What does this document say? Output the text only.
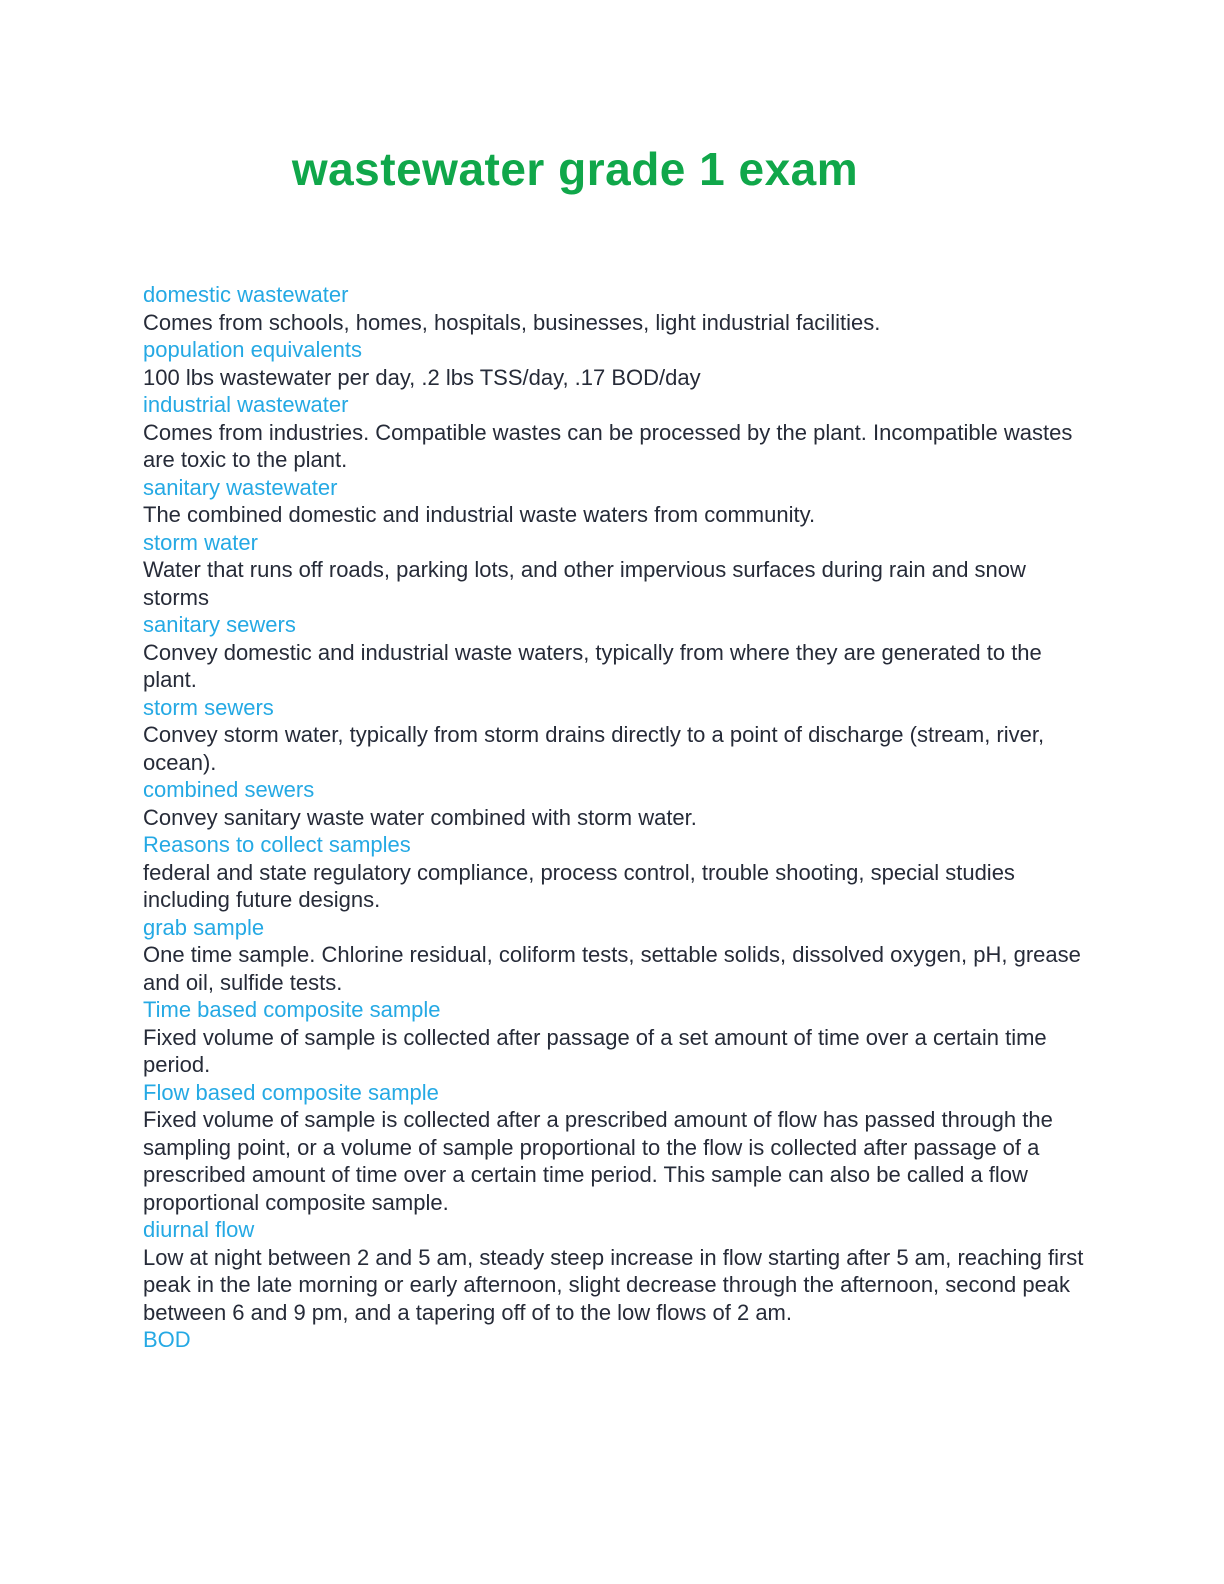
wastewater grade 1 exam
domestic wastewater
Comes from schools, homes, hospitals, businesses, light industrial facilities.
population equivalents
100 lbs wastewater per day, .2 lbs TSS/day, .17 BOD/day
industrial wastewater
Comes from industries. Compatible wastes can be processed by the plant. Incompatible wastes are toxic to the plant.
sanitary wastewater
The combined domestic and industrial waste waters from community.
storm water
Water that runs off roads, parking lots, and other impervious surfaces during rain and snow storms
sanitary sewers
Convey domestic and industrial waste waters, typically from where they are generated to the plant.
storm sewers
Convey storm water, typically from storm drains directly to a point of discharge (stream, river, ocean).
combined sewers
Convey sanitary waste water combined with storm water.
Reasons to collect samples
federal and state regulatory compliance, process control, trouble shooting, special studies including future designs.
grab sample
One time sample. Chlorine residual, coliform tests, settable solids, dissolved oxygen, pH, grease and oil, sulfide tests.
Time based composite sample
Fixed volume of sample is collected after passage of a set amount of time over a certain time period.
Flow based composite sample
Fixed volume of sample is collected after a prescribed amount of flow has passed through the sampling point, or a volume of sample proportional to the flow is collected after passage of a prescribed amount of time over a certain time period. This sample can also be called a flow proportional composite sample.
diurnal flow
Low at night between 2 and 5 am, steady steep increase in flow starting after 5 am, reaching first peak in the late morning or early afternoon, slight decrease through the afternoon, second peak between 6 and 9 pm, and a tapering off of to the low flows of 2 am.
BOD
